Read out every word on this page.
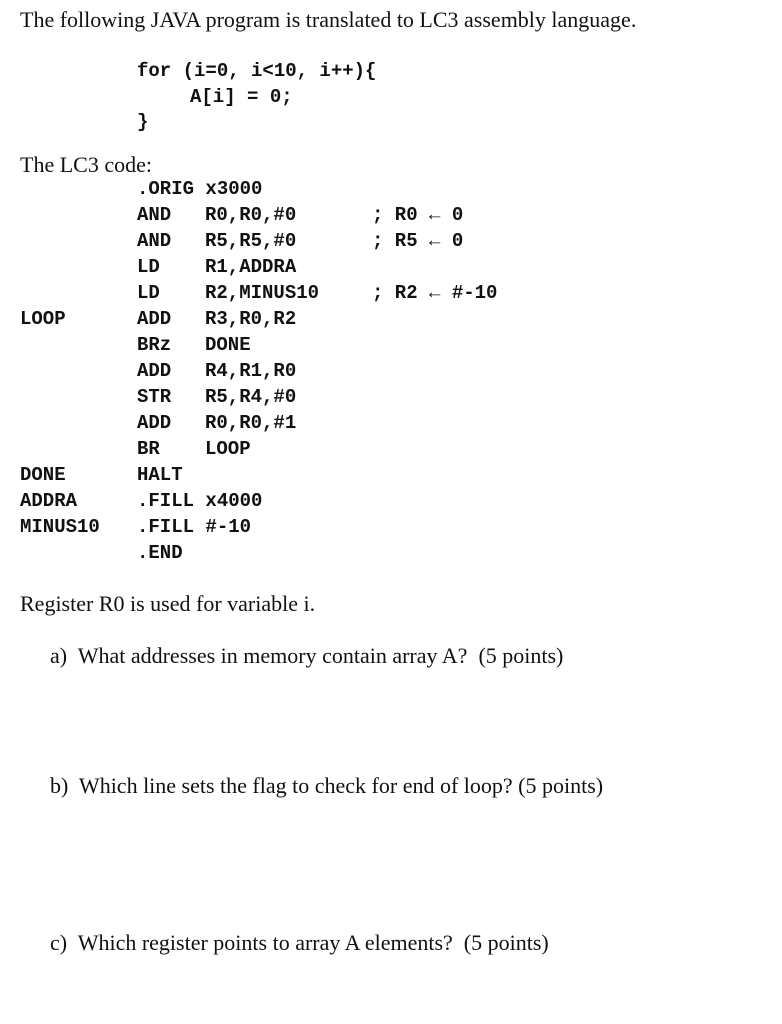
The following JAVA program is translated to LC3 assembly language.
for (i=0, i<10, i++){
A[i] = 0;
}
The LC3 code:
.ORIG x3000
AND R0,R0,#0	; R0 ← 0
AND R5,R5,#0	; R5 ← 0
LD R1,ADDRA
LD R2,MINUS10	; R2 ← #-10
LOOP	ADD R3,R0,R2
BRz DONE
ADD R4,R1,R0
STR R5,R4,#0
ADD R0,R0,#1
BR LOOP
DONE	HALT
ADDRA	.FILL x4000
MINUS10 .FILL #-10
.END
Register R0 is used for variable i.
a)  What addresses in memory contain array A?  (5 points)
b)  Which line sets the flag to check for end of loop? (5 points)
c)  Which register points to array A elements?  (5 points)
